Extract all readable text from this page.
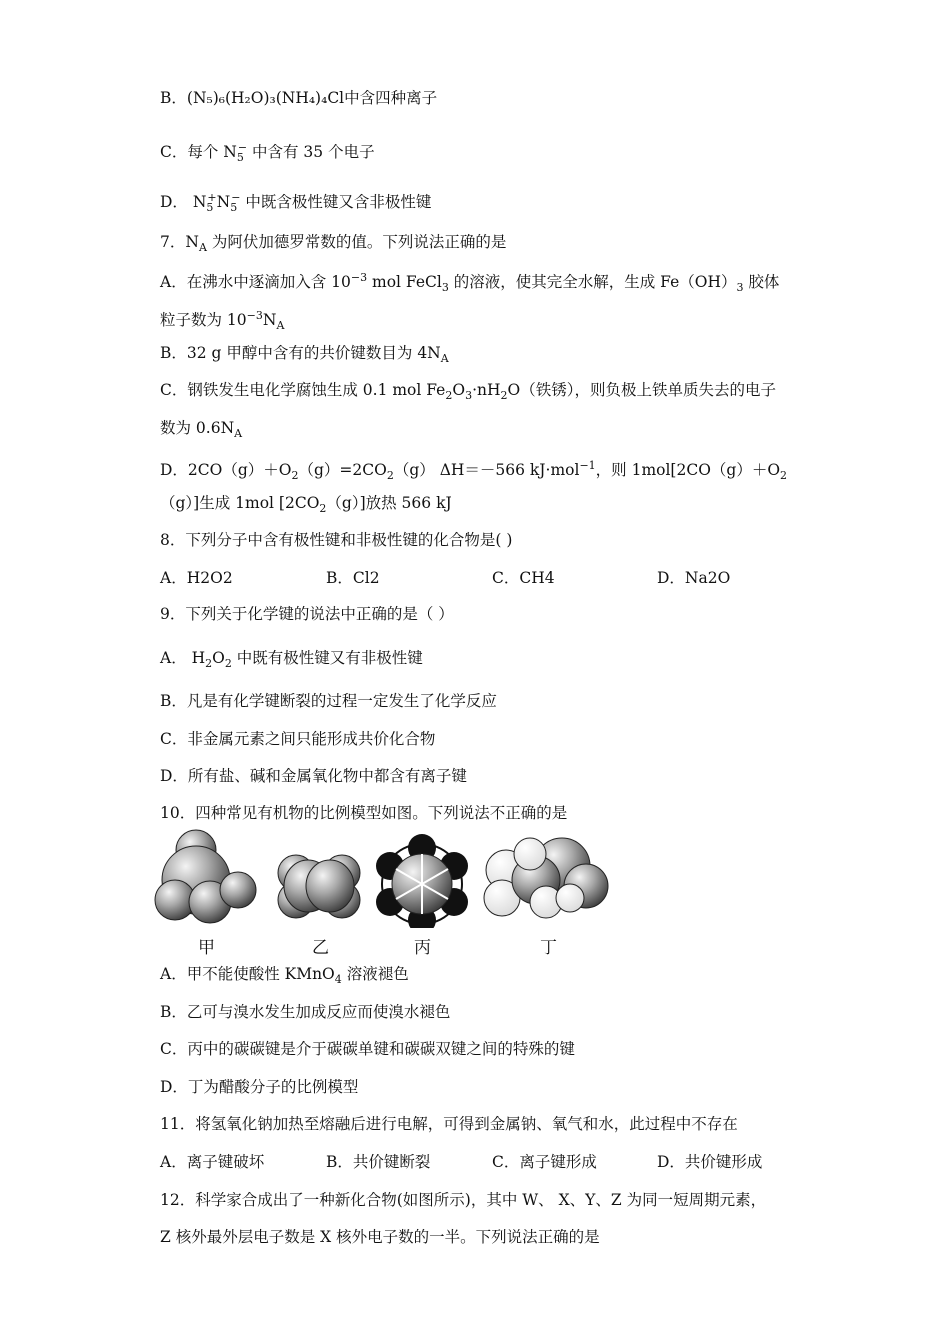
B．(N₅)₆(H₂O)₃(NH₄)₄Cl中含四种离子
C．每个 $N_5^-$ 中含有 35 个电子
D． $N_5^+N_5^-$ 中既含极性键又含非极性键
7．$N_A$ 为阿伏加德罗常数的值。下列说法正确的是
A．在沸水中逐滴加入含 $10^{-3}$ mol FeCl$_3$ 的溶液，使其完全水解，生成 $Fe(OH)_3$ 胶体
粒子数为 $10^{-3}N_A$
B．32 g 甲醇中含有的共价键数目为 $4N_A$
C．钢铁发生电化学腐蚀生成 0.1 mol $Fe_2O_3\cdot nH_2O$（铁锈），则负极上铁单质失去的电子
数为 $0.6N_A$
D．$2CO(g)+O_2(g)=2CO_2(g)$ ΔH＝－566 kJ·mol$^{-1}$，则 $1mol[2CO(g)+O_2$
（g）]生成 1mol $[2CO_2(g)]$放热 566 kJ
8．下列分子中含有极性键和非极性键的化合物是( )
A．H2O2	B．Cl2	C．CH4	D．Na2O
9．下列关于化学键的说法中正确的是（ ）
A． $H_2O_2$ 中既有极性键又有非极性键
B．凡是有化学键断裂的过程一定发生了化学反应
C．非金属元素之间只能形成共价化合物
D．所有盐、碱和金属氧化物中都含有离子键
10．四种常见有机物的比例模型如图。下列说法不正确的是
甲	乙	丙	丁
A．甲不能使酸性 KMnO$_4$ 溶液褪色
B．乙可与溴水发生加成反应而使溴水褪色
C．丙中的碳碳键是介于碳碳单键和碳碳双键之间的特殊的键
D．丁为醋酸分子的比例模型
11．将氢氧化钠加热至熔融后进行电解，可得到金属钠、氧气和水，此过程中不存在
A．离子键破坏	B．共价键断裂	C．离子键形成	D．共价键形成
12．科学家合成出了一种新化合物(如图所示)，其中 W、 X、Y、Z 为同一短周期元素，
Z 核外最外层电子数是 X 核外电子数的一半。下列说法正确的是
